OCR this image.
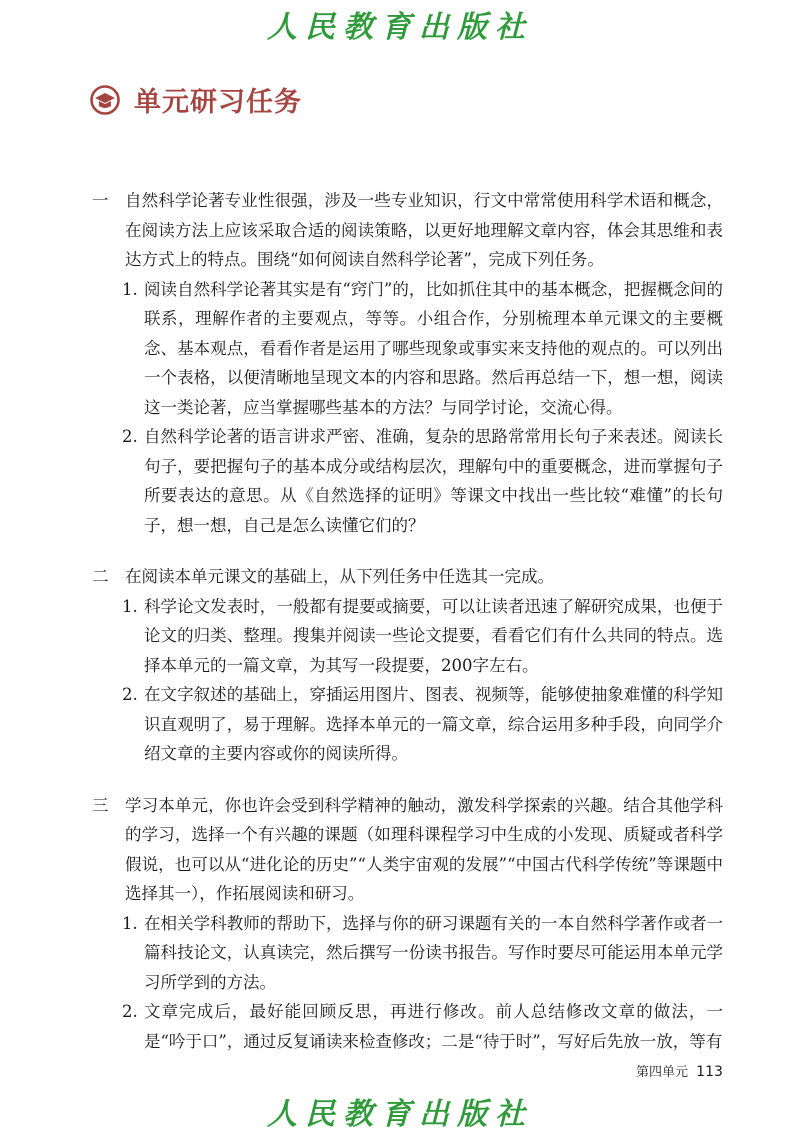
人民教育出版社
单元研习任务
一	自然科学论著专业性很强，涉及一些专业知识，行文中常常使用科学术语和概念，在阅读方法上应该采取合适的阅读策略，以更好地理解文章内容，体会其思维和表达方式上的特点。围绕“如何阅读自然科学论著”，完成下列任务。

1. 阅读自然科学论著其实是有“窍门”的，比如抓住其中的基本概念，把握概念间的联系，理解作者的主要观点，等等。小组合作，分别梳理本单元课文的主要概念、基本观点，看看作者是运用了哪些现象或事实来支持他的观点的。可以列出一个表格，以便清晰地呈现文本的内容和思路。然后再总结一下，想一想，阅读这一类论著，应当掌握哪些基本的方法？与同学讨论，交流心得。

2. 自然科学论著的语言讲求严密、准确，复杂的思路常常用长句子来表述。阅读长句子，要把握句子的基本成分或结构层次，理解句中的重要概念，进而掌握句子所要表达的意思。从《自然选择的证明》等课文中找出一些比较“难懂”的长句子，想一想，自己是怎么读懂它们的？

二	在阅读本单元课文的基础上，从下列任务中任选其一完成。

1. 科学论文发表时，一般都有提要或摘要，可以让读者迅速了解研究成果，也便于论文的归类、整理。搜集并阅读一些论文提要，看看它们有什么共同的特点。选择本单元的一篇文章，为其写一段提要，200字左右。

2. 在文字叙述的基础上，穿插运用图片、图表、视频等，能够使抽象难懂的科学知识直观明了，易于理解。选择本单元的一篇文章，综合运用多种手段，向同学介绍文章的主要内容或你的阅读所得。

三	学习本单元，你也许会受到科学精神的触动，激发科学探索的兴趣。结合其他学科的学习，选择一个有兴趣的课题（如理科课程学习中生成的小发现、质疑或者科学假说，也可以从“进化论的历史”“人类宇宙观的发展”“中国古代科学传统”等课题中选择其一），作拓展阅读和研习。

1. 在相关学科教师的帮助下，选择与你的研习课题有关的一本自然科学著作或者一篇科技论文，认真读完，然后撰写一份读书报告。写作时要尽可能运用本单元学习所学到的方法。

2. 文章完成后，最好能回顾反思，再进行修改。前人总结修改文章的做法，一是“吟于口”，通过反复诵读来检查修改；二是“待于时”，写好后先放一放，等有

第四单元 113
人民教育出版社
